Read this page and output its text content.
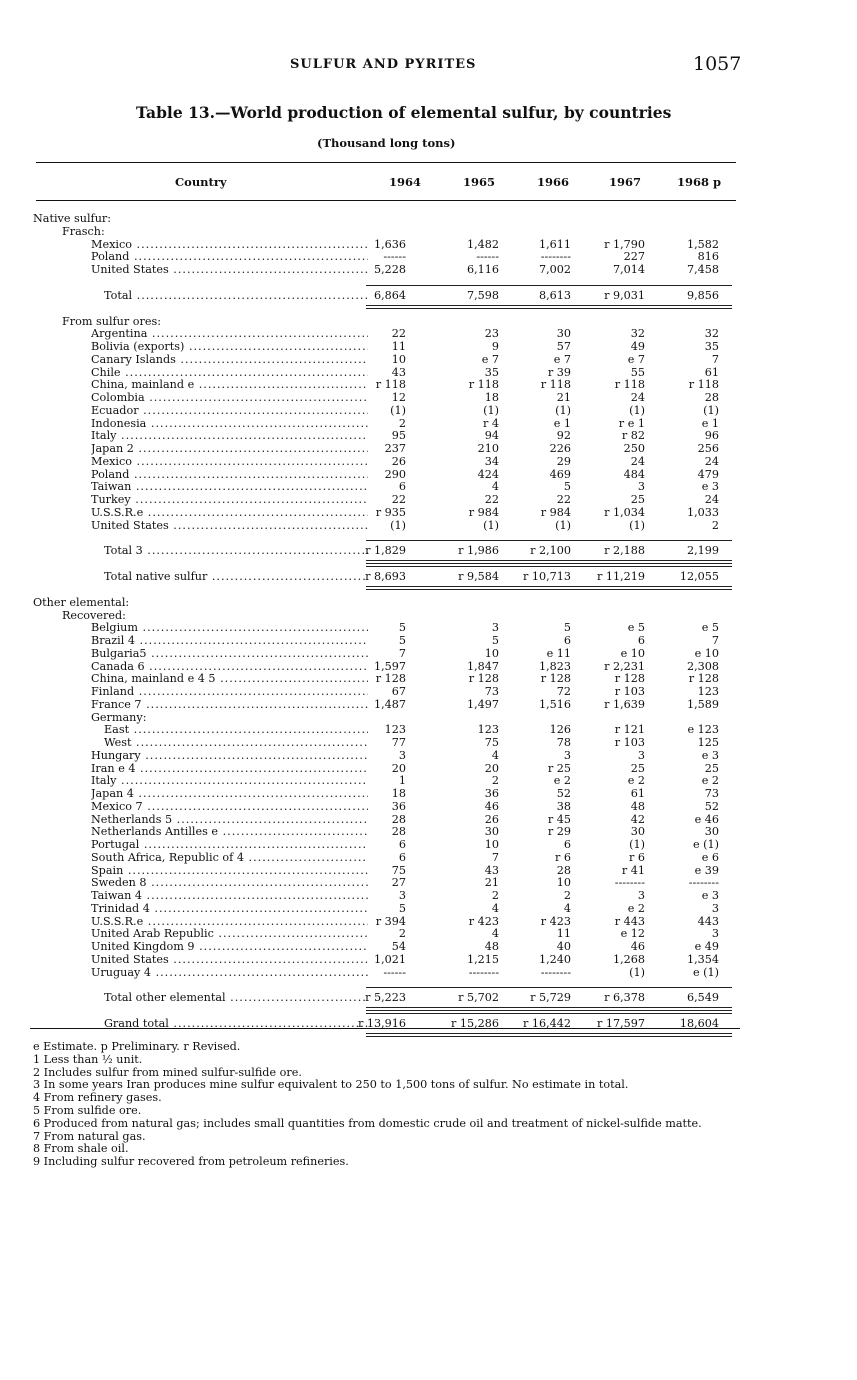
SULFUR AND PYRITES	1057
Table 13.—World production of elemental sulfur, by countries
(Thousand long tons)
Country	1964	1965	1966	1967	1968 p
Native sulfur:
Frasch:
Mexico .....	1,636	1,482	1,611	r 1,790	1,582
Poland .....	------	------	--------	227	816
United States .....	5,228	6,116	7,002	7,014	7,458
Total .....	6,864	7,598	8,613	r 9,031	9,856
From sulfur ores:
Argentina .....	22	23	30	32	32
Bolivia (exports) .....	11	9	57	49	35
Canary Islands .....	10	e 7	e 7	e 7	7
Chile .....	43	35	r 39	55	61
China, mainland e .....	r 118	r 118	r 118	r 118	r 118
Colombia .....	12	18	21	24	28
Ecuador .....	(1)	(1)	(1)	(1)	(1)
Indonesia .....	2	r 4	e 1	r e 1	e 1
Italy .....	95	94	92	r 82	96
Japan 2 .....	237	210	226	250	256
Mexico .....	26	34	29	24	24
Poland .....	290	424	469	484	479
Taiwan .....	6	4	5	3	e 3
Turkey .....	22	22	22	25	24
U.S.S.R.e .....	r 935	r 984	r 984	r 1,034	1,033
United States .....	(1)	(1)	(1)	(1)	2
Total 3 .....	r 1,829	r 1,986	r 2,100	r 2,188	2,199
Total native sulfur .....	r 8,693	r 9,584	r 10,713	r 11,219	12,055
Other elemental:
Recovered:
Belgium .....	5	3	5	e 5	e 5
Brazil 4 .....	5	5	6	6	7
Bulgaria5 .....	7	10	e 11	e 10	e 10
Canada 6 .....	1,597	1,847	1,823	r 2,231	2,308
China, mainland e 4 5 .....	r 128	r 128	r 128	r 128	r 128
Finland .....	67	73	72	r 103	123
France 7 .....	1,487	1,497	1,516	r 1,639	1,589
Germany:
East .....	123	123	126	r 121	e 123
West .....	77	75	78	r 103	125
Hungary .....	3	4	3	3	e 3
Iran e 4 .....	20	20	r 25	25	25
Italy .....	1	2	e 2	e 2	e 2
Japan 4 .....	18	36	52	61	73
Mexico 7 .....	36	46	38	48	52
Netherlands 5 .....	28	26	r 45	42	e 46
Netherlands Antilles e .....	28	30	r 29	30	30
Portugal .....	6	10	6	(1)	e (1)
South Africa, Republic of 4 .....	6	7	r 6	r 6	e 6
Spain .....	75	43	28	r 41	e 39
Sweden 8 .....	27	21	10	--------	--------
Taiwan 4 .....	3	2	2	3	e 3
Trinidad 4 .....	5	4	4	e 2	3
U.S.S.R.e .....	r 394	r 423	r 423	r 443	443
United Arab Republic .....	2	4	11	e 12	3
United Kingdom 9 .....	54	48	40	46	e 49
United States .....	1,021	1,215	1,240	1,268	1,354
Uruguay 4 .....	------	--------	--------	(1)	e (1)
Total other elemental .....	r 5,223	r 5,702	r 5,729	r 6,378	6,549
Grand total .....	r 13,916	r 15,286	r 16,442	r 17,597	18,604
e Estimate. p Preliminary. r Revised.
1 Less than ½ unit.
2 Includes sulfur from mined sulfur-sulfide ore.
3 In some years Iran produces mine sulfur equivalent to 250 to 1,500 tons of sulfur. No estimate in total.
4 From refinery gases.
5 From sulfide ore.
6 Produced from natural gas; includes small quantities from domestic crude oil and treatment of nickel-sulfide matte.
7 From natural gas.
8 From shale oil.
9 Including sulfur recovered from petroleum refineries.
